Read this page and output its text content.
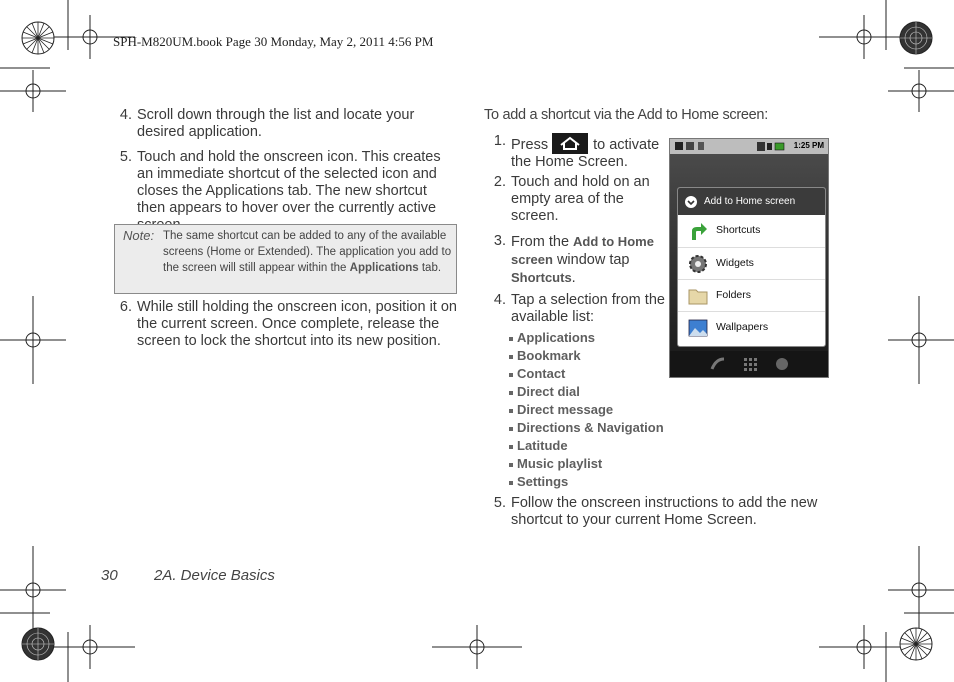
SPH-M820UM.book Page 30 Monday, May 2, 2011 4:56 PM
4. Scroll down through the list and locate your desired application.
5. Touch and hold the onscreen icon. This creates an immediate shortcut of the selected icon and closes the Applications tab. The new shortcut then appears to hover over the currently active
Note: The same shortcut can be added to any of the available screens (Home or Extended). The application you add to the screen will still appear within the Applications tab.
6. While still holding the onscreen icon, position it on the current screen. Once complete, release the screen to lock the shortcut into its new position.
To add a shortcut via the Add to Home screen:
1. Press	to activate the Home Screen.
2. Touch and hold on an empty area of the screen.
3. From the Add to Home screen window tap Shortcuts.
4. Tap a selection from the available list:
Applications
Bookmark
Contact
Direct dial
Direct message
Directions & Navigation
Latitude
Music playlist
Settings
5. Follow the onscreen instructions to add the new shortcut to your current Home Screen.
1:25 PM
Add to Home screen
Shortcuts
Widgets
Folders
Wallpapers
30 2A. Device Basics
